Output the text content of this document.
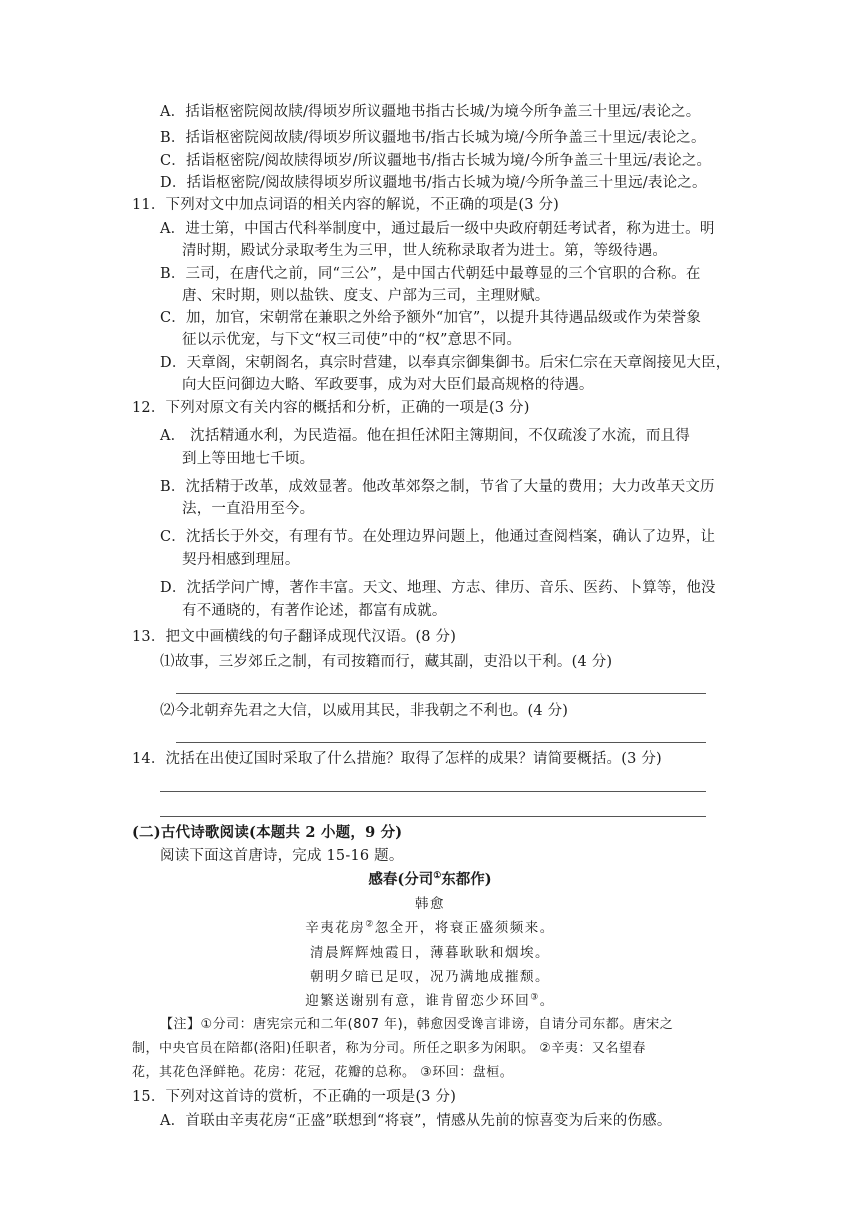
A．括诣枢密院阅故牍/得顷岁所议疆地书指古长城/为境今所争盖三十里远/表论之。
B．括诣枢密院阅故牍/得顷岁所议疆地书/指古长城为境/今所争盖三十里远/表论之。
C．括诣枢密院/阅故牍得顷岁/所议疆地书/指古长城为境/今所争盖三十里远/表论之。
D．括诣枢密院/阅故牍得顷岁所议疆地书/指古长城为境/今所争盖三十里远/表论之。
11．下列对文中加点词语的相关内容的解说，不正确的项是(3 分)
A．进士第，中国古代科举制度中，通过最后一级中央政府朝廷考试者，称为进士。明
清时期，殿试分录取考生为三甲，世人统称录取者为进士。第，等级待遇。
B．三司，在唐代之前，同“三公”，是中国古代朝廷中最尊显的三个官职的合称。在
唐、宋时期，则以盐铁、度支、户部为三司，主理财赋。
C．加，加官，宋朝常在兼职之外给予额外“加官”，以提升其待遇品级或作为荣誉象
征以示优宠，与下文“权三司使”中的“权”意思不同。
D．天章阁，宋朝阁名，真宗时营建，以奉真宗御集御书。后宋仁宗在天章阁接见大臣，
向大臣问御边大略、军政要事，成为对大臣们最高规格的待遇。
12．下列对原文有关内容的概括和分析，正确的一项是(3 分)
A． 沈括精通水利，为民造福。他在担任沭阳主簿期间，不仅疏浚了水流，而且得
到上等田地七千顷。
B．沈括精于改革，成效显著。他改革郊祭之制，节省了大量的费用；大力改革天文历
法，一直沿用至今。
C．沈括长于外交，有理有节。在处理边界问题上，他通过查阅档案，确认了边界，让
契丹相感到理屈。
D．沈括学问广博，著作丰富。天文、地理、方志、律历、音乐、医药、卜算等，他没
有不通晓的，有著作论述，都富有成就。
13．把文中画横线的句子翻译成现代汉语。(8 分)
⑴故事，三岁郊丘之制，有司按籍而行，藏其副，吏沿以干利。(4 分)
⑵今北朝弃先君之大信，以威用其民，非我朝之不利也。(4 分)
14．沈括在出使辽国时采取了什么措施？取得了怎样的成果？请简要概括。(3 分)
(二)古代诗歌阅读(本题共 2 小题，9 分)
阅读下面这首唐诗，完成 15-16 题。
感春(分司①东都作)
韩愈
辛夷花房②忽全开，将衰正盛须频来。
清晨辉辉烛霞日，薄暮耿耿和烟埃。
朝明夕暗已足叹，况乃满地成摧颓。
迎繁送谢别有意，谁肯留恋少环回③。
【注】①分司：唐宪宗元和二年(807 年)，韩愈因受谗言诽谤，自请分司东都。唐宋之
制，中央官员在陪都(洛阳)任职者，称为分司。所任之职多为闲职。 ②辛夷：又名望春
花，其花色泽鲜艳。花房：花冠，花瓣的总称。 ③环回：盘桓。
15．下列对这首诗的赏析，不正确的一项是(3 分)
A．首联由辛夷花房“正盛”联想到“将衰”，情感从先前的惊喜变为后来的伤感。
